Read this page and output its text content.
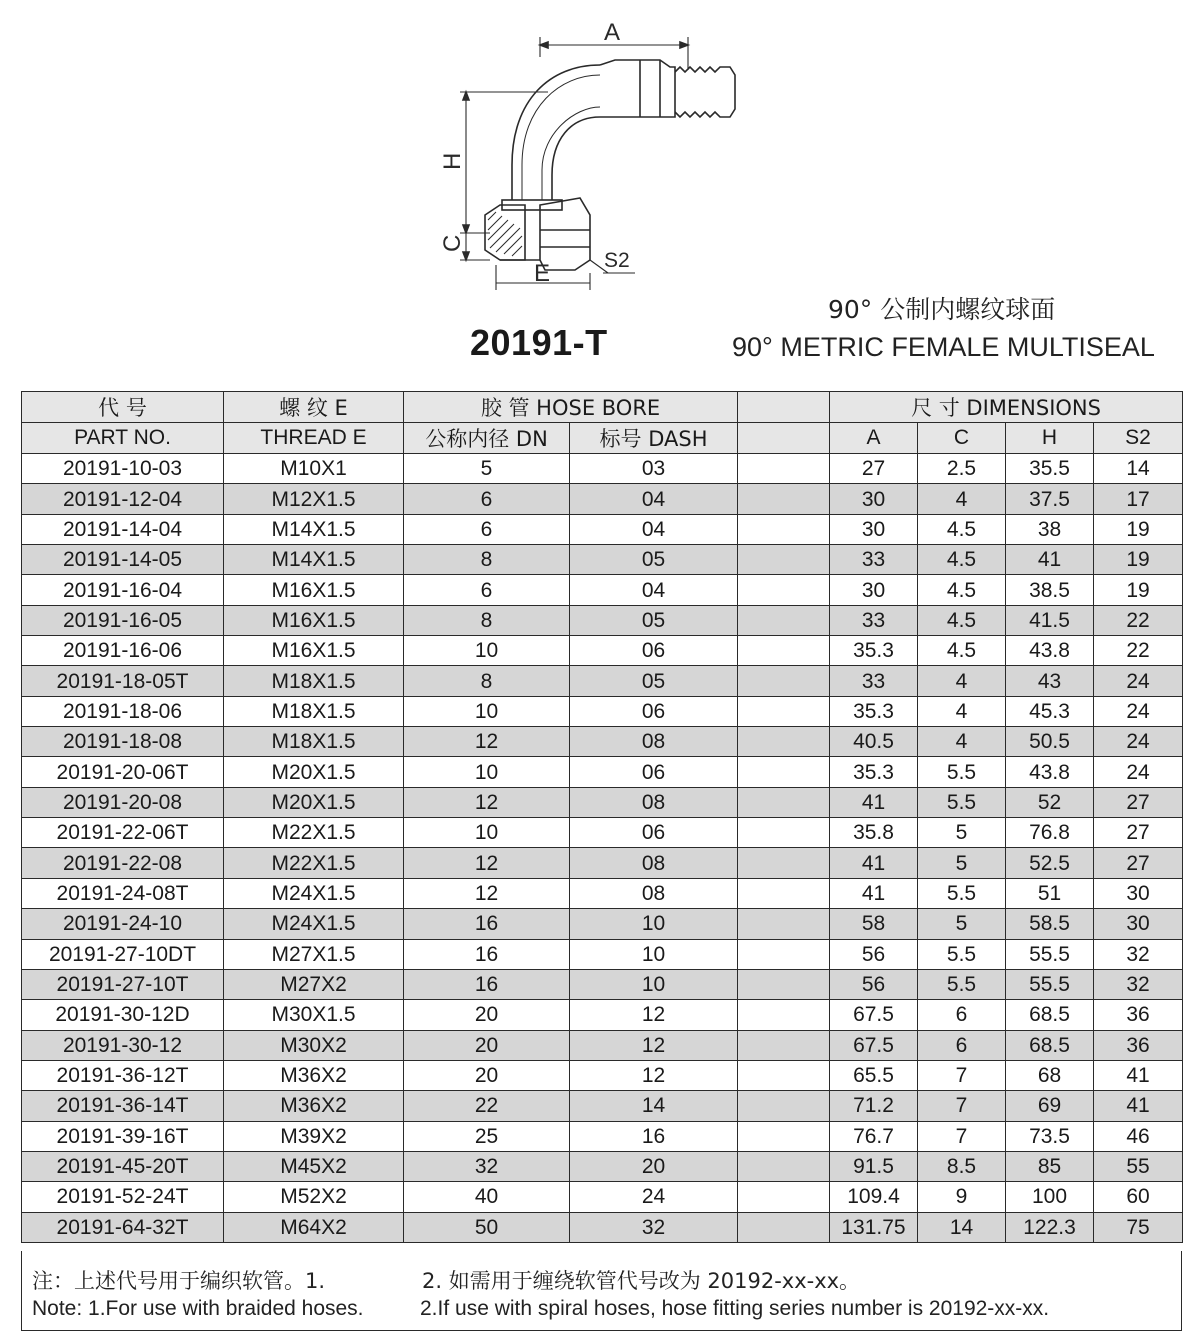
A
H
C
E	S2
90° 公制内螺纹球面
20191-T	90° METRIC FEMALE MULTISEAL
代 号	螺 纹 E	胶 管 HOSE BORE			尺 寸 DIMENSIONS			
PART NO.	THREAD E	公称内径 DN	标号 DASH		A	C	H	S2
20191-10-03	M10X1	5	03		27	2.5	35.5	14
20191-12-04	M12X1.5	6	04		30	4	37.5	17
20191-14-04	M14X1.5	6	04		30	4.5	38	19
20191-14-05	M14X1.5	8	05		33	4.5	41	19
20191-16-04	M16X1.5	6	04		30	4.5	38.5	19
20191-16-05	M16X1.5	8	05		33	4.5	41.5	22
20191-16-06	M16X1.5	10	06		35.3	4.5	43.8	22
20191-18-05T	M18X1.5	8	05		33	4	43	24
20191-18-06	M18X1.5	10	06		35.3	4	45.3	24
20191-18-08	M18X1.5	12	08		40.5	4	50.5	24
20191-20-06T	M20X1.5	10	06		35.3	5.5	43.8	24
20191-20-08	M20X1.5	12	08		41	5.5	52	27
20191-22-06T	M22X1.5	10	06		35.8	5	76.8	27
20191-22-08	M22X1.5	12	08		41	5	52.5	27
20191-24-08T	M24X1.5	12	08		41	5.5	51	30
20191-24-10	M24X1.5	16	10		58	5	58.5	30
20191-27-10DT	M27X1.5	16	10		56	5.5	55.5	32
20191-27-10T	M27X2	16	10		56	5.5	55.5	32
20191-30-12D	M30X1.5	20	12		67.5	6	68.5	36
20191-30-12	M30X2	20	12		67.5	6	68.5	36
20191-36-12T	M36X2	20	12		65.5	7	68	41
20191-36-14T	M36X2	22	14		71.2	7	69	41
20191-39-16T	M39X2	25	16		76.7	7	73.5	46
20191-45-20T	M45X2	32	20		91.5	8.5	85	55
20191-52-24T	M52X2	40	24		109.4	9	100	60
20191-64-32T	M64X2	50	32		131.75	14	122.3	75
注：上述代号用于编织软管。1.	2. 如需用于缠绕软管代号改为 20192-xx-xx。
Note: 1.For use with braided hoses.	2.If use with spiral hoses, hose fitting series number is 20192-xx-xx.
